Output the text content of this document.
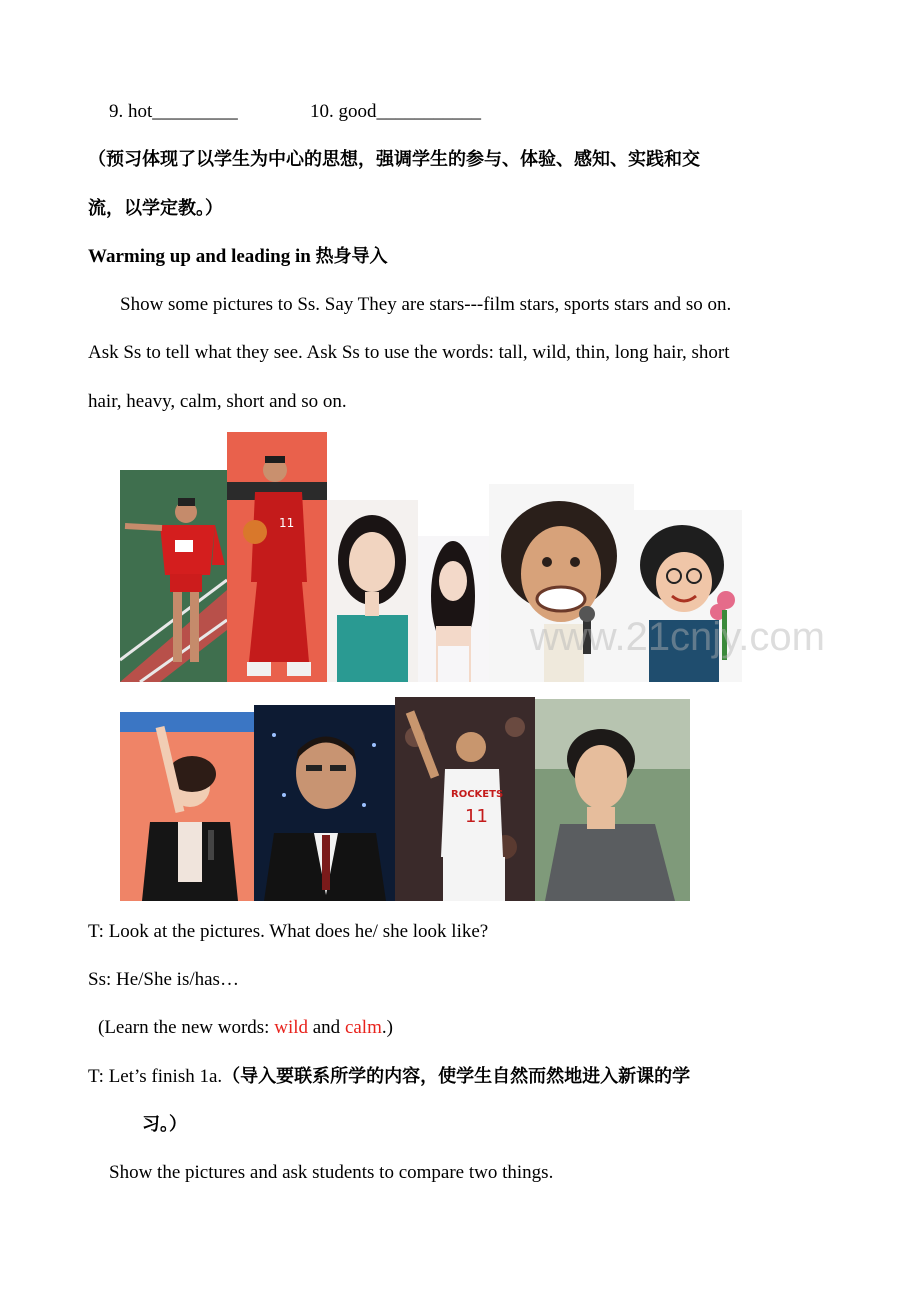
9. hot_________	10. good___________
（预习体现了以学生为中心的思想，强调学生的参与、体验、感知、实践和交
流，以学定教。）
Warming up and leading in 热身导入
Show some pictures to Ss. Say They are stars---film stars, sports stars and so on.
Ask Ss to tell what they see. Ask Ss to use the words: tall, wild, thin, long hair, short
hair, heavy, calm, short and so on.
11
www.21cnjy.com
ROCKETS
11
T: Look at the pictures. What does he/ she look like?
Ss: He/She is/has…
(Learn the new words: wild and calm.)
T: Let’s finish 1a.（导入要联系所学的内容，使学生自然而然地进入新课的学
习。）
Show the pictures and ask students to compare two things.
